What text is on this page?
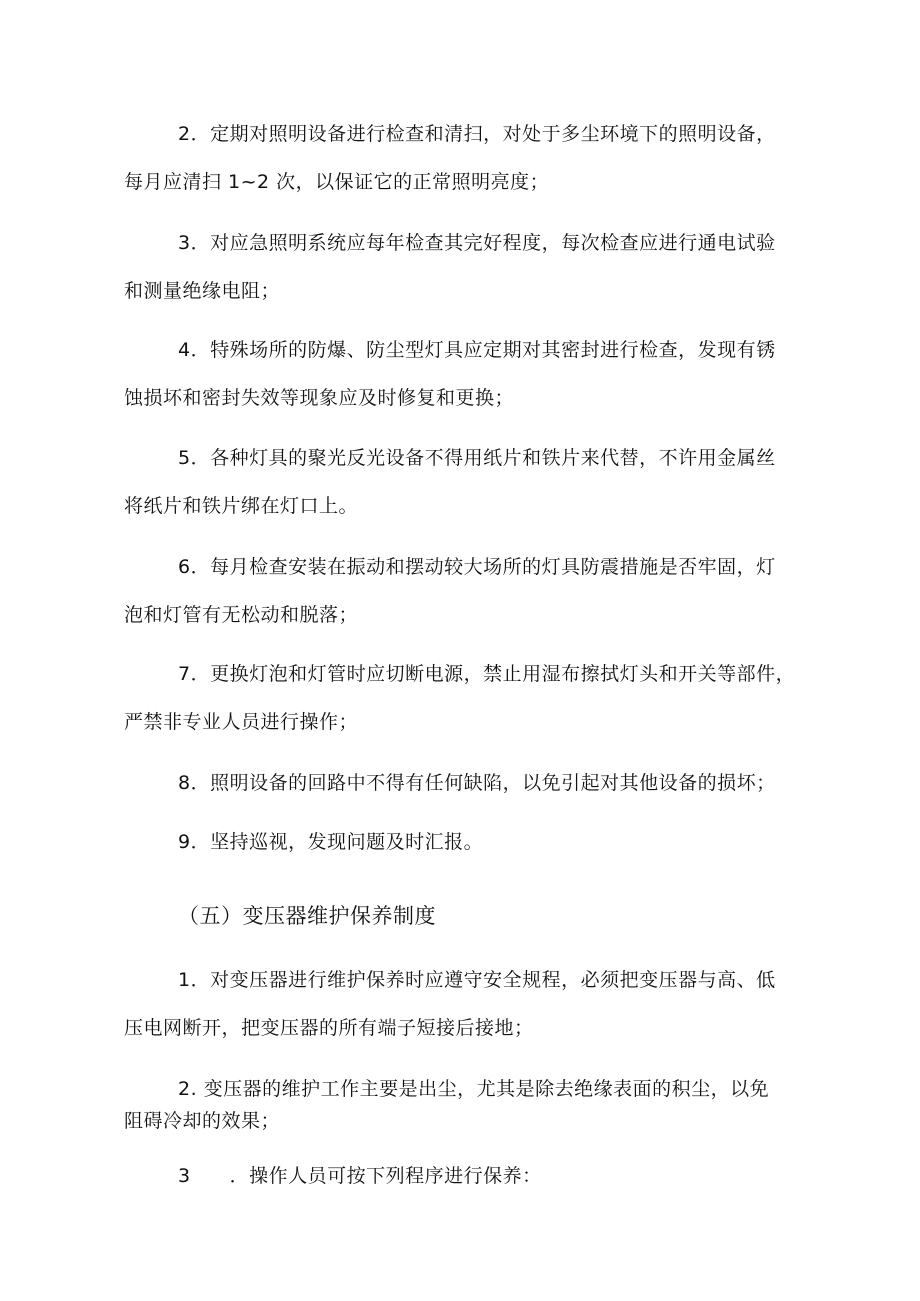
2．定期对照明设备进行检查和清扫，对处于多尘环境下的照明设备，
每月应清扫 1~2 次，以保证它的正常照明亮度；
3．对应急照明系统应每年检查其完好程度，每次检查应进行通电试验
和测量绝缘电阻；
4．特殊场所的防爆、防尘型灯具应定期对其密封进行检查，发现有锈
蚀损坏和密封失效等现象应及时修复和更换；
5．各种灯具的聚光反光设备不得用纸片和铁片来代替，不许用金属丝
将纸片和铁片绑在灯口上。
6．每月检查安装在振动和摆动较大场所的灯具防震措施是否牢固，灯
泡和灯管有无松动和脱落；
7．更换灯泡和灯管时应切断电源，禁止用湿布擦拭灯头和开关等部件，
严禁非专业人员进行操作；
8．照明设备的回路中不得有任何缺陷，以免引起对其他设备的损坏；
9．坚持巡视，发现问题及时汇报。
（五）变压器维护保养制度
1．对变压器进行维护保养时应遵守安全规程，必须把变压器与高、低
压电网断开，把变压器的所有端子短接后接地；
2. 变压器的维护工作主要是出尘，尤其是除去绝缘表面的积尘，以免
阻碍冷却的效果；
3　　．操作人员可按下列程序进行保养：
